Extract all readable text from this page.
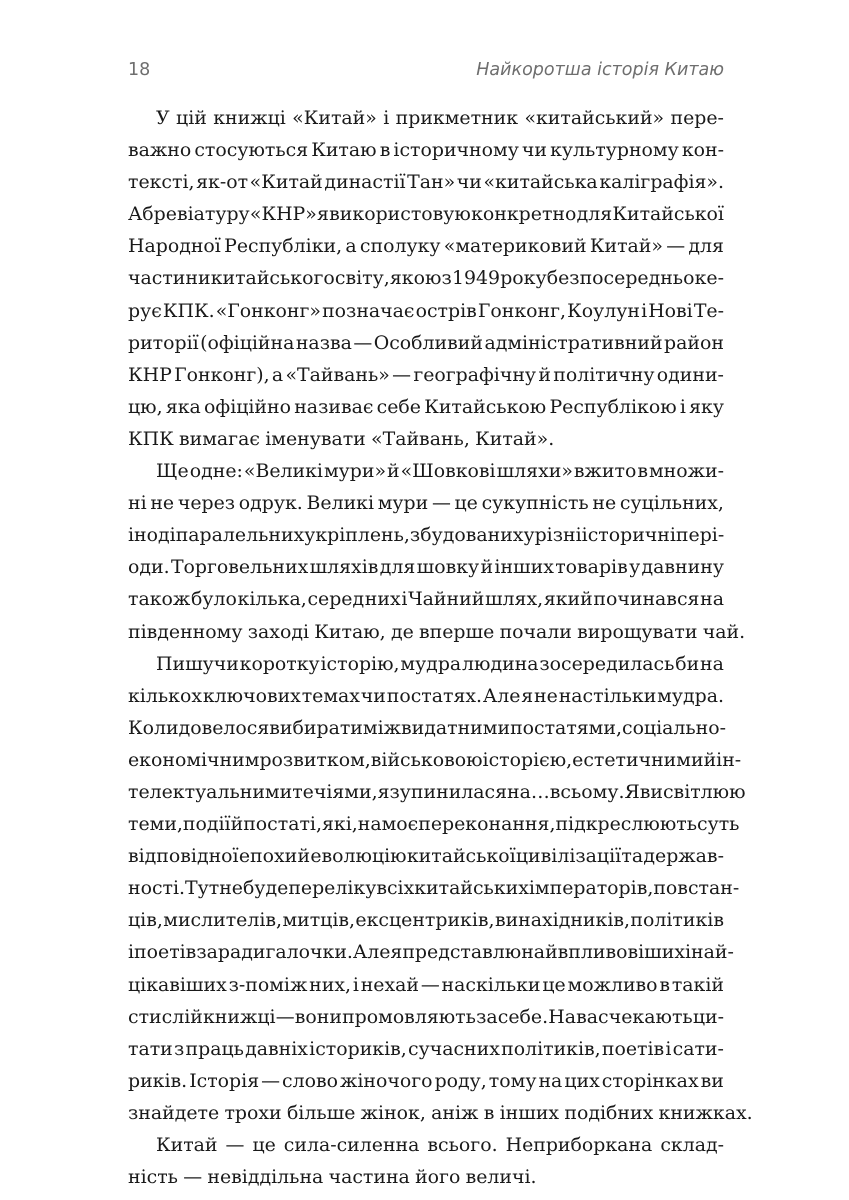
18	Найкоротша історія Китаю
У цій книжці «Китай» і прикметник «китайський» пере-
важно стосуються Китаю в історичному чи культурному кон-
тексті, як-от «Китай династії Тан» чи «китайська каліграфія».
Абревіатуру «КНР» я використовую конкретно для Китайської
Народної Республіки, а сполуку «материковий Китай» — для
частини китайського світу, якою з 1949 року безпосередньо ке-
рує КПК. «Гонконг» позначає острів Гонконг, Коулун і Нові Те-
риторії (офіційна назва — Особливий адміністративний район
КНР Гонконг), а «Тайвань» — географічну й політичну одини-
цю, яка офіційно називає себе Китайською Республікою і яку
КПК вимагає іменувати «Тайвань, Китай».
Ще одне: «Великі мури» й «Шовкові шляхи» вжито в множи-
ні не через одрук. Великі мури — це сукупність не суцільних,
іноді паралельних укріплень, збудованих у різні історичні пері-
оди. Торговельних шляхів для шовку й інших товарів у давнину
також було кілька, серед них і Чайний шлях, який починався на
південному заході Китаю, де вперше почали вирощувати чай.
Пишучи коротку історію, мудра людина зосередилась би на
кількох ключових темах чи постатях. Але я не настільки мудра.
Коли довелося вибирати між видатними постатями, соціально-
економічним розвитком, військовою історією, естетичними й ін-
телектуальними течіями, я зупинилася на… всьому. Я висвітлюю
теми, події й постаті, які, на моє переконання, підкреслюють суть
відповідної епохи й еволюцію китайської цивілізації та держав-
ності. Тут не буде переліку всіх китайських імператорів, повстан-
ців, мислителів, митців, ексцентриків, винахідників, політиків
і поетів заради галочки. Але я представлю найвпливовіших і най-
цікавіших з-поміж них, і нехай — наскільки це можливо в такій
стислій книжці — вони промовляють за себе. На вас чекають ци-
тати з праць давніх істориків, сучасних політиків, поетів і сати-
риків. Історія — слово жіночого роду, тому на цих сторінках ви
знайдете трохи більше жінок, аніж в інших подібних книжках.
Китай — це сила-силенна всього. Неприборкана склад-
ність — невіддільна частина його величі.
